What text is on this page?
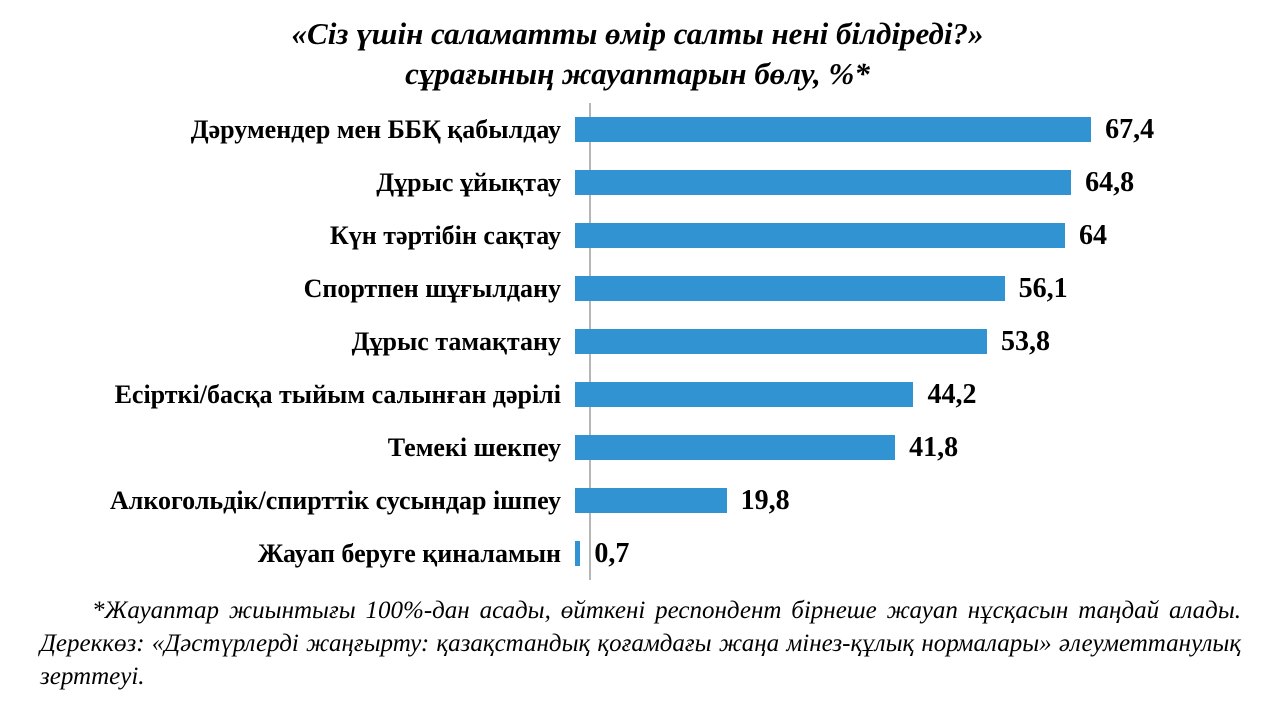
«Сіз үшін саламатты өмір салты нені білдіреді?»
сұрағының жауаптарын бөлу, %*
Дәрумендер мен ББҚ қабылдау	67,4
Дұрыс ұйықтау	64,8
Күн тәртібін сақтау	64
Спортпен шұғылдану	56,1
Дұрыс тамақтану	53,8
Есірткі/басқа тыйым салынған дәрілі	44,2
Темекі шекпеу	41,8
Алкогольдік/спирттік сусындар ішпеу	19,8
Жауап беруге қиналамын	0,7
*Жауаптар жиынтығы 100%-дан асады, өйткені респондент бірнеше жауап нұсқасын таңдай алады. Дереккөз: «Дәстүрлерді жаңғырту: қазақстандық қоғамдағы жаңа мінез-құлық нормалары» әлеуметтанулық зерттеуі.
